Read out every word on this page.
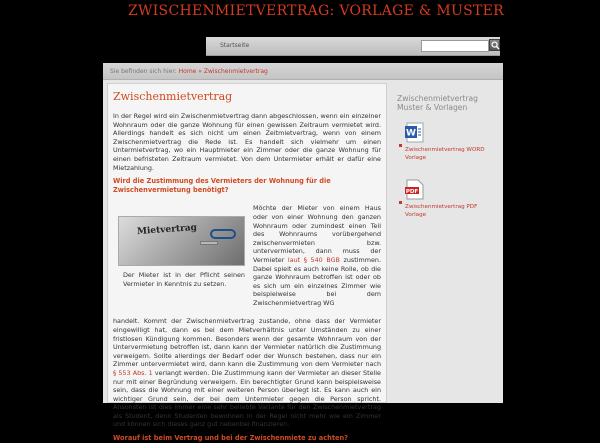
ZWISCHENMIETVERTRAG: VORLAGE & MUSTER
Startseite
Sie befinden sich hier: Home » Zwischenmietvertrag
Zwischenmietvertrag

In der Regel wird ein Zwischenmietvertrag dann abgeschlossen, wenn ein einzelner Wohnraum oder die ganze Wohnung für einen gewissen Zeitraum vermietet wird. Allerdings handelt es sich nicht um einen Zeitmietvertrag, wenn von einem Zwischenmietvertrag die Rede ist. Es handelt sich vielmehr um einen Untermietvertrag, wo ein Hauptmieter ein Zimmer oder die ganze Wohnung für einen befristeten Zeitraum vermietet. Von dem Untermieter erhält er dafür eine Mietzahlung.

Wird die Zustimmung des Vermieters der Wohnung für die Zwischenvermietung benötigt?

Mietvertrag
Der Mieter ist in der Pflicht seinen Vermieter in Kenntnis zu setzen.
Möchte der Mieter von einem Haus oder von einer Wohnung den ganzen Wohnraum oder zumindest einen Teil des Wohnraums vorübergehend zwischenvermieten bzw. untervermieten, dann muss der Vermieter laut § 540 BGB zustimmen. Dabei spielt es auch keine Rolle, ob die ganze Wohnraum betroffen ist oder ob es sich um ein einzelnes Zimmer wie beispielweise bei dem Zwischenmietvertrag WG

handelt. Kommt der Zwischenmietvertrag zustande, ohne dass der Vermieter eingewilligt hat, dann es bei dem Mietverhältnis unter Umständen zu einer fristlosen Kündigung kommen. Besonders wenn der gesamte Wohnraum von der Untervermietung betroffen ist, dann kann der Vermieter natürlich die Zustimmung verweigern. Sollte allerdings der Bedarf oder der Wunsch bestehen, dass nur ein Zimmer untervermietet wird, dann kann die Zustimmung von dem Vermieter nach § 553 Abs. 1 verlangt werden. Die Zustimmung kann der Vermieter an dieser Stelle nur mit einer Begründung verweigern. Ein berechtigter Grund kann beispielsweise sein, dass die Wohnung mit einer weiteren Person überlegt ist. Es kann auch ein wichtiger Grund sein, der bei dem Untermieter gegen die Person spricht. Ansonsten ist dies immer eine sehr beliebte Variante für den Zwischenmietvertrag als Student, denn Studenten bewohnen in der Regel nicht mehr wie ein Zimmer und können sich dieses ganz gut nebenbei finanzieren.

Worauf ist beim Vertrag und bei der Zwischenmiete zu achten?

Zwischenmietvertrag Muster & Vorlagen
W
Zwischenmietvertrag WORD Vorlage
PDF
Zwischenmietvertrag PDF Vorlage
